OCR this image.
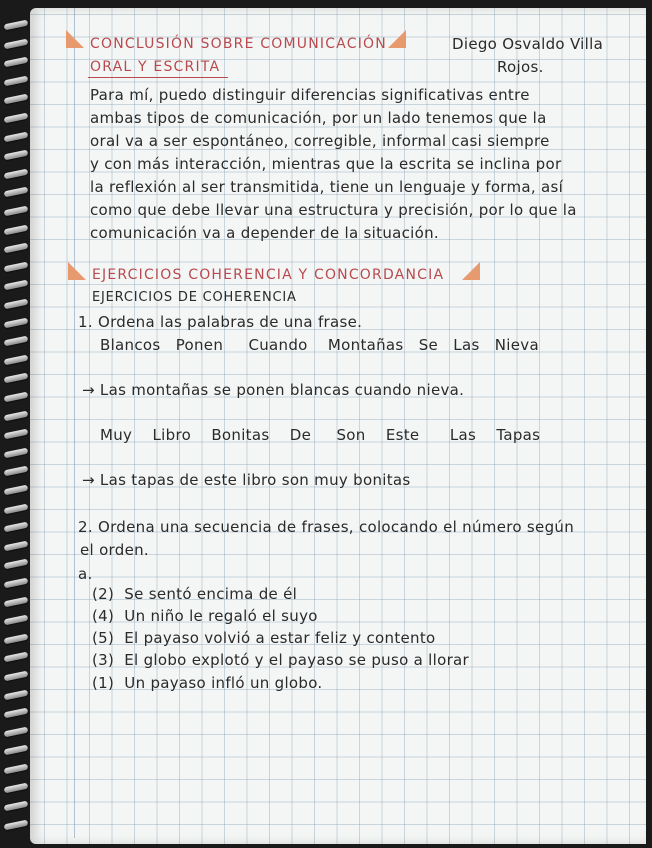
CONCLUSIÓN SOBRE COMUNICACIÓN
ORAL Y ESCRITA
Diego Osvaldo Villa
Rojos.
Para mí, puedo distinguir diferencias significativas entre
ambas tipos de comunicación, por un lado tenemos que la
oral va a ser espontáneo, corregible, informal casi siempre
y con más interacción, mientras que la escrita se inclina por
la reflexión al ser transmitida, tiene un lenguaje y forma, así
como que debe llevar una estructura y precisión, por lo que la
comunicación va a depender de la situación.
EJERCICIOS COHERENCIA Y CONCORDANCIA
EJERCICIOS DE COHERENCIA
1. Ordena las palabras de una frase.
Blancos   Ponen     Cuando    Montañas   Se   Las   Nieva
→ Las montañas se ponen blancas cuando nieva.
Muy    Libro    Bonitas    De     Son    Este      Las    Tapas
→ Las tapas de este libro son muy bonitas
2. Ordena una secuencia de frases, colocando el número según
el orden.
a.
(2)  Se sentó encima de él
(4)  Un niño le regaló el suyo
(5)  El payaso volvió a estar feliz y contento
(3)  El globo explotó y el payaso se puso a llorar
(1)  Un payaso infló un globo.
